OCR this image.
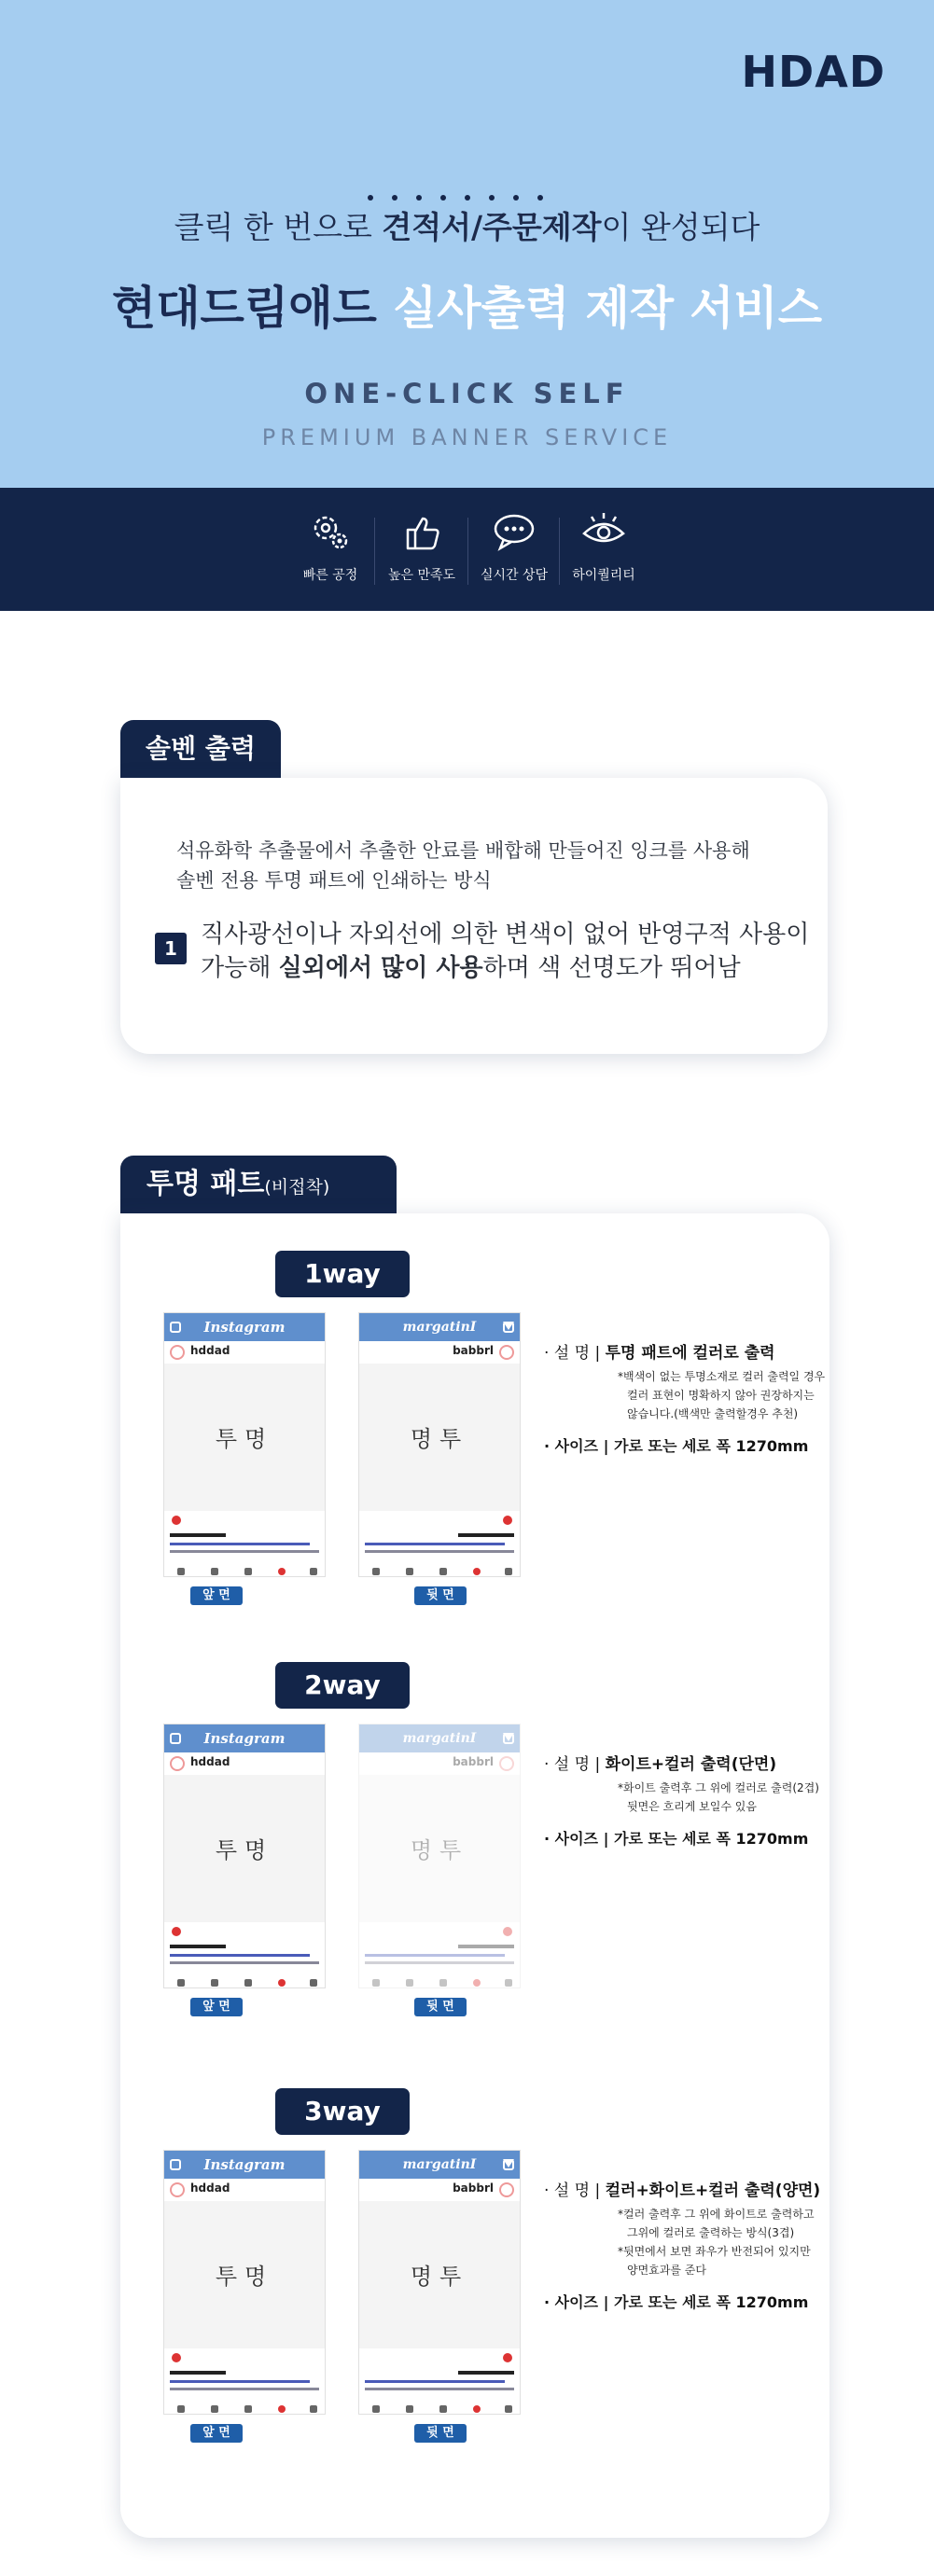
HDAD
클릭 한 번으로 견적서/주문제작이 완성되다
현대드림애드 실사출력 제작 서비스
ONE-CLICK SELF
PREMIUM BANNER SERVICE
빠른 공정	높은 만족도	실시간 상담	하이퀄리티
솔벤 출력
석유화학 추출물에서 추출한 안료를 배합해 만들어진 잉크를 사용해
솔벤 전용 투명 패트에 인쇄하는 방식
1 직사광선이나 자외선에 의한 변색이 없어 반영구적 사용이
가능해 실외에서 많이 사용하며 색 선명도가 뛰어남
투명 패트(비접착)
1way
Instagram
hddad
투명
margatinI
babbrl
명투
앞 면	뒷 면
· 설 명 | 투명 패트에 컬러로 출력
*백색이 없는 투명소재로 컬러 출력일 경우
컬러 표현이 명확하지 않아 권장하지는
않습니다.(백색만 출력할경우 추천)
· 사이즈 | 가로 또는 세로 폭 1270mm
2way
Instagram
hddad
투명
margatinI
babbrl
명투
앞 면	뒷 면
· 설 명 | 화이트+컬러 출력(단면)
*화이트 출력후 그 위에 컬러로 출력(2겹)
뒷면은 흐리게 보일수 있음
· 사이즈 | 가로 또는 세로 폭 1270mm
3way
Instagram
hddad
투명
margatinI
babbrl
명투
앞 면	뒷 면
· 설 명 | 컬러+화이트+컬러 출력(양면)
*컬러 출력후 그 위에 화이트로 출력하고
그위에 컬러로 출력하는 방식(3겹)
*뒷면에서 보면 좌우가 반전되어 있지만
양면효과를 준다
· 사이즈 | 가로 또는 세로 폭 1270mm
